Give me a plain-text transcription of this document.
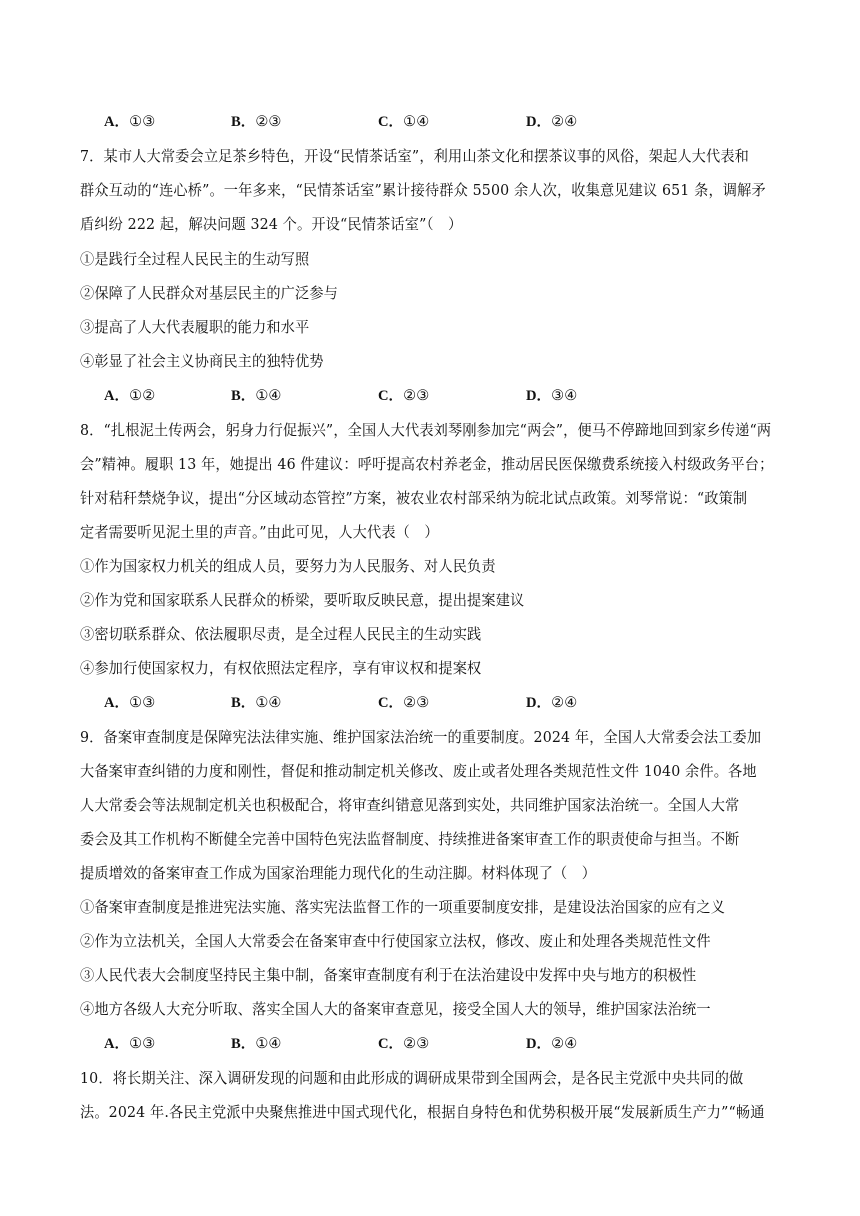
A．①③	B．②③	C．①④	D．②④
7．某市人大常委会立足茶乡特色，开设“民情茶话室”，利用山茶文化和摆茶议事的风俗，架起人大代表和
群众互动的“连心桥”。一年多来，“民情茶话室”累计接待群众 5500 余人次，收集意见建议 651 条，调解矛
盾纠纷 222 起，解决问题 324 个。开设“民情茶话室”（　）
①是践行全过程人民民主的生动写照
②保障了人民群众对基层民主的广泛参与
③提高了人大代表履职的能力和水平
④彰显了社会主义协商民主的独特优势
A．①②	B．①④	C．②③	D．③④
8．“扎根泥土传两会，躬身力行促振兴”，全国人大代表刘琴刚参加完“两会”，便马不停蹄地回到家乡传递“两
会”精神。履职 13 年，她提出 46 件建议：呼吁提高农村养老金，推动居民医保缴费系统接入村级政务平台；
针对秸秆禁烧争议，提出“分区域动态管控”方案，被农业农村部采纳为皖北试点政策。刘琴常说：“政策制
定者需要听见泥土里的声音。”由此可见，人大代表（　）
①作为国家权力机关的组成人员，要努力为人民服务、对人民负责
②作为党和国家联系人民群众的桥梁，要听取反映民意，提出提案建议
③密切联系群众、依法履职尽责，是全过程人民民主的生动实践
④参加行使国家权力，有权依照法定程序，享有审议权和提案权
A．①③	B．①④	C．②③	D．②④
9．备案审查制度是保障宪法法律实施、维护国家法治统一的重要制度。2024 年，全国人大常委会法工委加
大备案审查纠错的力度和刚性，督促和推动制定机关修改、废止或者处理各类规范性文件 1040 余件。各地
人大常委会等法规制定机关也积极配合，将审查纠错意见落到实处，共同维护国家法治统一。全国人大常
委会及其工作机构不断健全完善中国特色宪法监督制度、持续推进备案审查工作的职责使命与担当。不断
提质增效的备案审查工作成为国家治理能力现代化的生动注脚。材料体现了（　）
①备案审查制度是推进宪法实施、落实宪法监督工作的一项重要制度安排，是建设法治国家的应有之义
②作为立法机关，全国人大常委会在备案审查中行使国家立法权，修改、废止和处理各类规范性文件
③人民代表大会制度坚持民主集中制，备案审查制度有利于在法治建设中发挥中央与地方的积极性
④地方各级人大充分听取、落实全国人大的备案审查意见，接受全国人大的领导，维护国家法治统一
A．①③	B．①④	C．②③	D．②④
10．将长期关注、深入调研发现的问题和由此形成的调研成果带到全国两会，是各民主党派中央共同的做
法。2024 年.各民主党派中央聚焦推进中国式现代化，根据自身特色和优势积极开展“发展新质生产力”“畅通
